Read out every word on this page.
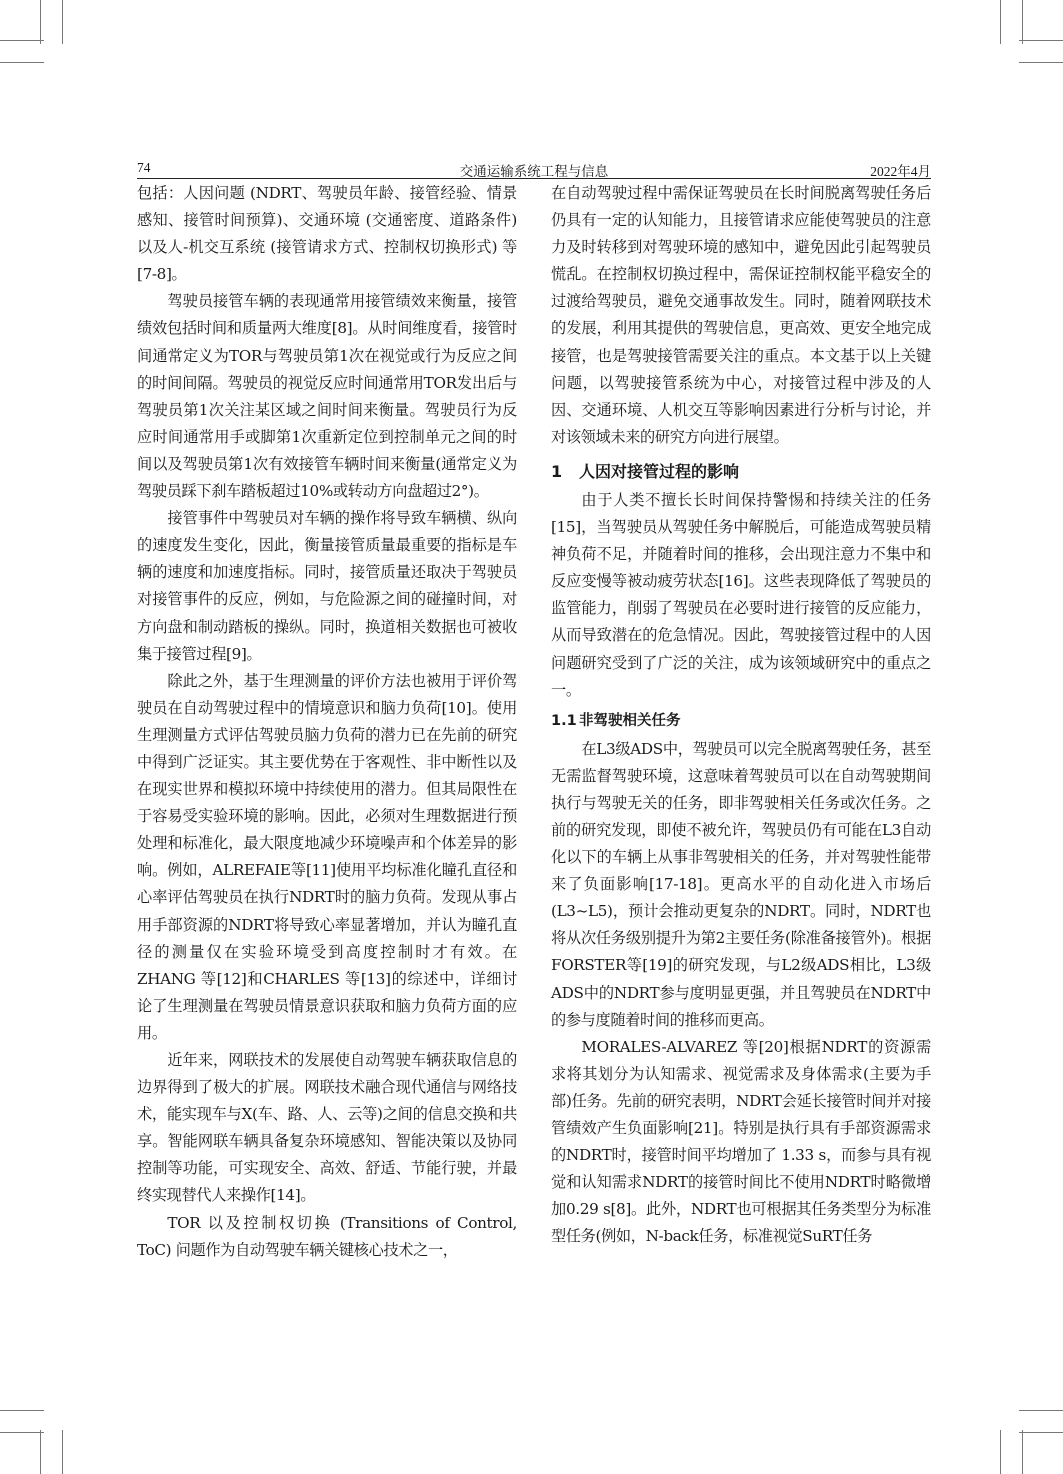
交通运输系统工程与信息
74	2022年4月

包括：人因问题 (NDRT、驾驶员年龄、接管经验、情景感知、接管时间预算)、交通环境 (交通密度、道路条件) 以及人-机交互系统 (接管请求方式、控制权切换形式) 等[7-8]。

驾驶员接管车辆的表现通常用接管绩效来衡量，接管绩效包括时间和质量两大维度[8]。从时间维度看，接管时间通常定义为TOR与驾驶员第1次在视觉或行为反应之间的时间间隔。驾驶员的视觉反应时间通常用TOR发出后与驾驶员第1次关注某区域之间时间来衡量。驾驶员行为反应时间通常用手或脚第1次重新定位到控制单元之间的时间以及驾驶员第1次有效接管车辆时间来衡量(通常定义为驾驶员踩下刹车踏板超过10%或转动方向盘超过2°)。

接管事件中驾驶员对车辆的操作将导致车辆横、纵向的速度发生变化，因此，衡量接管质量最重要的指标是车辆的速度和加速度指标。同时，接管质量还取决于驾驶员对接管事件的反应，例如，与危险源之间的碰撞时间，对方向盘和制动踏板的操纵。同时，换道相关数据也可被收集于接管过程[9]。

除此之外，基于生理测量的评价方法也被用于评价驾驶员在自动驾驶过程中的情境意识和脑力负荷[10]。使用生理测量方式评估驾驶员脑力负荷的潜力已在先前的研究中得到广泛证实。其主要优势在于客观性、非中断性以及在现实世界和模拟环境中持续使用的潜力。但其局限性在于容易受实验环境的影响。因此，必须对生理数据进行预处理和标准化，最大限度地减少环境噪声和个体差异的影响。例如，ALREFAIE等[11]使用平均标准化瞳孔直径和心率评估驾驶员在执行NDRT时的脑力负荷。发现从事占用手部资源的NDRT将导致心率显著增加，并认为瞳孔直径的测量仅在实验环境受到高度控制时才有效。在ZHANG 等[12]和CHARLES 等[13]的综述中，详细讨论了生理测量在驾驶员情景意识获取和脑力负荷方面的应用。

近年来，网联技术的发展使自动驾驶车辆获取信息的边界得到了极大的扩展。网联技术融合现代通信与网络技术，能实现车与X(车、路、人、云等)之间的信息交换和共享。智能网联车辆具备复杂环境感知、智能决策以及协同控制等功能，可实现安全、高效、舒适、节能行驶，并最终实现替代人来操作[14]。

TOR 以及控制权切换 (Transitions of Control, ToC) 问题作为自动驾驶车辆关键核心技术之一，

在自动驾驶过程中需保证驾驶员在长时间脱离驾驶任务后仍具有一定的认知能力，且接管请求应能使驾驶员的注意力及时转移到对驾驶环境的感知中，避免因此引起驾驶员慌乱。在控制权切换过程中，需保证控制权能平稳安全的过渡给驾驶员，避免交通事故发生。同时，随着网联技术的发展，利用其提供的驾驶信息，更高效、更安全地完成接管，也是驾驶接管需要关注的重点。本文基于以上关键问题，以驾驶接管系统为中心，对接管过程中涉及的人因、交通环境、人机交互等影响因素进行分析与讨论，并对该领域未来的研究方向进行展望。

1 人因对接管过程的影响

由于人类不擅长长时间保持警惕和持续关注的任务[15]，当驾驶员从驾驶任务中解脱后，可能造成驾驶员精神负荷不足，并随着时间的推移，会出现注意力不集中和反应变慢等被动疲劳状态[16]。这些表现降低了驾驶员的监管能力，削弱了驾驶员在必要时进行接管的反应能力，从而导致潜在的危急情况。因此，驾驶接管过程中的人因问题研究受到了广泛的关注，成为该领域研究中的重点之一。

1.1 非驾驶相关任务

在L3级ADS中，驾驶员可以完全脱离驾驶任务，甚至无需监督驾驶环境，这意味着驾驶员可以在自动驾驶期间执行与驾驶无关的任务，即非驾驶相关任务或次任务。之前的研究发现，即使不被允许，驾驶员仍有可能在L3自动化以下的车辆上从事非驾驶相关的任务，并对驾驶性能带来了负面影响[17-18]。更高水平的自动化进入市场后(L3~L5)，预计会推动更复杂的NDRT。同时，NDRT也将从次任务级别提升为第2主要任务(除准备接管外)。根据FORSTER等[19]的研究发现，与L2级ADS相比，L3级ADS中的NDRT参与度明显更强，并且驾驶员在NDRT中的参与度随着时间的推移而更高。

MORALES-ALVAREZ 等[20]根据NDRT的资源需求将其划分为认知需求、视觉需求及身体需求(主要为手部)任务。先前的研究表明，NDRT会延长接管时间并对接管绩效产生负面影响[21]。特别是执行具有手部资源需求的NDRT时，接管时间平均增加了 1.33 s，而参与具有视觉和认知需求NDRT的接管时间比不使用NDRT时略微增加0.29 s[8]。此外，NDRT也可根据其任务类型分为标准型任务(例如，N-back任务，标准视觉SuRT任务
